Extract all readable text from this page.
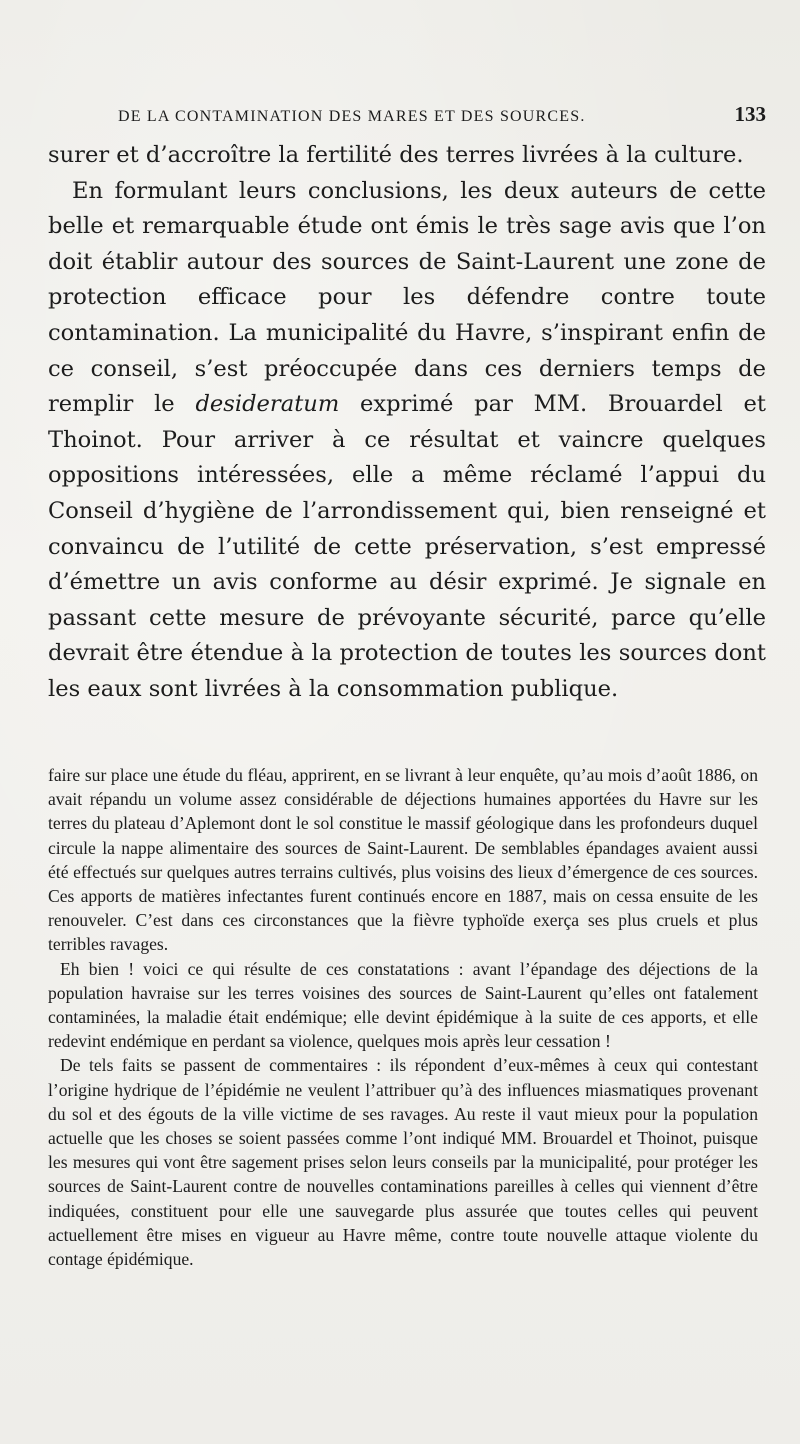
DE LA CONTAMINATION DES MARES ET DES SOURCES.	133

surer et d’accroître la fertilité des terres livrées à la culture.

En formulant leurs conclusions, les deux auteurs de cette belle et remarquable étude ont émis le très sage avis que l’on doit établir autour des sources de Saint-Laurent une zone de protection efficace pour les défendre contre toute contamination. La municipalité du Havre, s’inspirant enfin de ce conseil, s’est préoccupée dans ces derniers temps de remplir le desideratum exprimé par MM. Brouardel et Thoinot. Pour arriver à ce résultat et vaincre quelques oppositions intéressées, elle a même réclamé l’appui du Conseil d’hygiène de l’arrondissement qui, bien renseigné et convaincu de l’utilité de cette préservation, s’est empressé d’émettre un avis conforme au désir exprimé. Je signale en passant cette mesure de prévoyante sécurité, parce qu’elle devrait être étendue à la protection de toutes les sources dont les eaux sont livrées à la consommation publique.

faire sur place une étude du fléau, apprirent, en se livrant à leur enquête, qu’au mois d’août 1886, on avait répandu un volume assez considérable de déjections humaines apportées du Havre sur les terres du plateau d’Aplemont dont le sol constitue le massif géologique dans les profondeurs duquel circule la nappe alimentaire des sources de Saint-Laurent. De semblables épandages avaient aussi été effectués sur quelques autres terrains cultivés, plus voisins des lieux d’émergence de ces sources. Ces apports de matières infectantes furent continués encore en 1887, mais on cessa ensuite de les renouveler. C’est dans ces circonstances que la fièvre typhoïde exerça ses plus cruels et plus terribles ravages.

Eh bien ! voici ce qui résulte de ces constatations : avant l’épandage des déjections de la population havraise sur les terres voisines des sources de Saint-Laurent qu’elles ont fatalement contaminées, la maladie était endémique; elle devint épidémique à la suite de ces apports, et elle redevint endémique en perdant sa violence, quelques mois après leur cessation !

De tels faits se passent de commentaires : ils répondent d’eux-mêmes à ceux qui contestant l’origine hydrique de l’épidémie ne veulent l’attribuer qu’à des influences miasmatiques provenant du sol et des égouts de la ville victime de ses ravages. Au reste il vaut mieux pour la population actuelle que les choses se soient passées comme l’ont indiqué MM. Brouardel et Thoinot, puisque les mesures qui vont être sagement prises selon leurs conseils par la municipalité, pour protéger les sources de Saint-Laurent contre de nouvelles contaminations pareilles à celles qui viennent d’être indiquées, constituent pour elle une sauvegarde plus assurée que toutes celles qui peuvent actuellement être mises en vigueur au Havre même, contre toute nouvelle attaque violente du contage épidémique.
